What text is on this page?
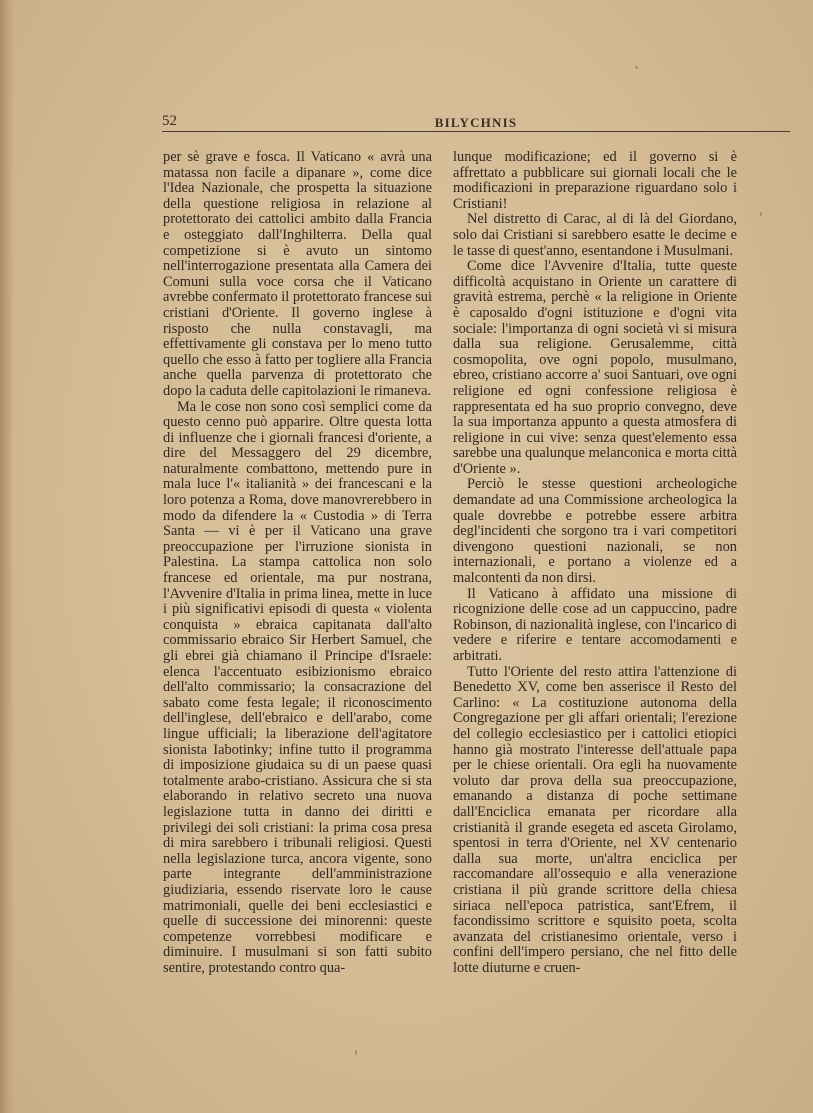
52	BILYCHNIS

per sè grave e fosca. Il Vaticano « avrà una matassa non facile a dipanare », come dice l'Idea Nazionale, che prospetta la situazione della questione religiosa in relazione al protettorato dei cattolici ambito dalla Francia e osteggiato dall'Inghilterra. Della qual competizione si è avuto un sintomo nell'interrogazione presentata alla Camera dei Comuni sulla voce corsa che il Vaticano avrebbe confermato il protettorato francese sui cristiani d'Oriente. Il governo inglese à risposto che nulla constavagli, ma effettivamente gli constava per lo meno tutto quello che esso à fatto per togliere alla Francia anche quella parvenza di protettorato che dopo la caduta delle capitolazioni le rimaneva.

Ma le cose non sono così semplici come da questo cenno può apparire. Oltre questa lotta di influenze che i giornali francesi d'oriente, a dire del Messaggero del 29 dicembre, naturalmente combattono, mettendo pure in mala luce l'« italianità » dei francescani e la loro potenza a Roma, dove manovrerebbero in modo da difendere la « Custodia » di Terra Santa — vi è per il Vaticano una grave preoccupazione per l'irruzione sionista in Palestina. La stampa cattolica non solo francese ed orientale, ma pur nostrana, l'Avvenire d'Italia in prima linea, mette in luce i più significativi episodi di questa « violenta conquista » ebraica capitanata dall'alto commissario ebraico Sir Herbert Samuel, che gli ebrei già chiamano il Principe d'Israele: elenca l'accentuato esibizionismo ebraico dell'alto commissario; la consacrazione del sabato come festa legale; il riconoscimento dell'inglese, dell'ebraico e dell'arabo, come lingue ufficiali; la liberazione dell'agitatore sionista Iabotinky; infine tutto il programma di imposizione giudaica su di un paese quasi totalmente arabo-cristiano. Assicura che si sta elaborando in relativo secreto una nuova legislazione tutta in danno dei diritti e privilegi dei soli cristiani: la prima cosa presa di mira sarebbero i tribunali religiosi. Questi nella legislazione turca, ancora vigente, sono parte integrante dell'amministrazione giudiziaria, essendo riservate loro le cause matrimoniali, quelle dei beni ecclesiastici e quelle di successione dei minorenni: queste competenze vorrebbesi modificare e diminuire. I musulmani si son fatti subito sentire, protestando contro qua-

lunque modificazione; ed il governo si è affrettato a pubblicare sui giornali locali che le modificazioni in preparazione riguardano solo i Cristiani!

Nel distretto di Carac, al di là del Giordano, solo dai Cristiani si sarebbero esatte le decime e le tasse di quest'anno, esentandone i Musulmani.

Come dice l'Avvenire d'Italia, tutte queste difficoltà acquistano in Oriente un carattere di gravità estrema, perchè « la religione in Oriente è caposaldo d'ogni istituzione e d'ogni vita sociale: l'importanza di ogni società vi si misura dalla sua religione. Gerusalemme, città cosmopolita, ove ogni popolo, musulmano, ebreo, cristiano accorre a' suoi Santuari, ove ogni religione ed ogni confessione religiosa è rappresentata ed ha suo proprio convegno, deve la sua importanza appunto a questa atmosfera di religione in cui vive: senza quest'elemento essa sarebbe una qualunque melanconica e morta città d'Oriente ».

Perciò le stesse questioni archeologiche demandate ad una Commissione archeologica la quale dovrebbe e potrebbe essere arbitra degl'incidenti che sorgono tra i vari competitori divengono questioni nazionali, se non internazionali, e portano a violenze ed a malcontenti da non dirsi.

Il Vaticano à affidato una missione di ricognizione delle cose ad un cappuccino, padre Robinson, di nazionalità inglese, con l'incarico di vedere e riferire e tentare accomodamenti e arbitrati.

Tutto l'Oriente del resto attira l'attenzione di Benedetto XV, come ben asserisce il Resto del Carlino: « La costituzione autonoma della Congregazione per gli affari orientali; l'erezione del collegio ecclesiastico per i cattolici etiopici hanno già mostrato l'interesse dell'attuale papa per le chiese orientali. Ora egli ha nuovamente voluto dar prova della sua preoccupazione, emanando a distanza di poche settimane dall'Enciclica emanata per ricordare alla cristianità il grande esegeta ed asceta Girolamo, spentosi in terra d'Oriente, nel XV centenario dalla sua morte, un'altra enciclica per raccomandare all'ossequio e alla venerazione cristiana il più grande scrittore della chiesa siriaca nell'epoca patristica, sant'Efrem, il facondissimo scrittore e squisito poeta, scolta avanzata del cristianesimo orientale, verso i confini dell'impero persiano, che nel fitto delle lotte diuturne e cruen-
